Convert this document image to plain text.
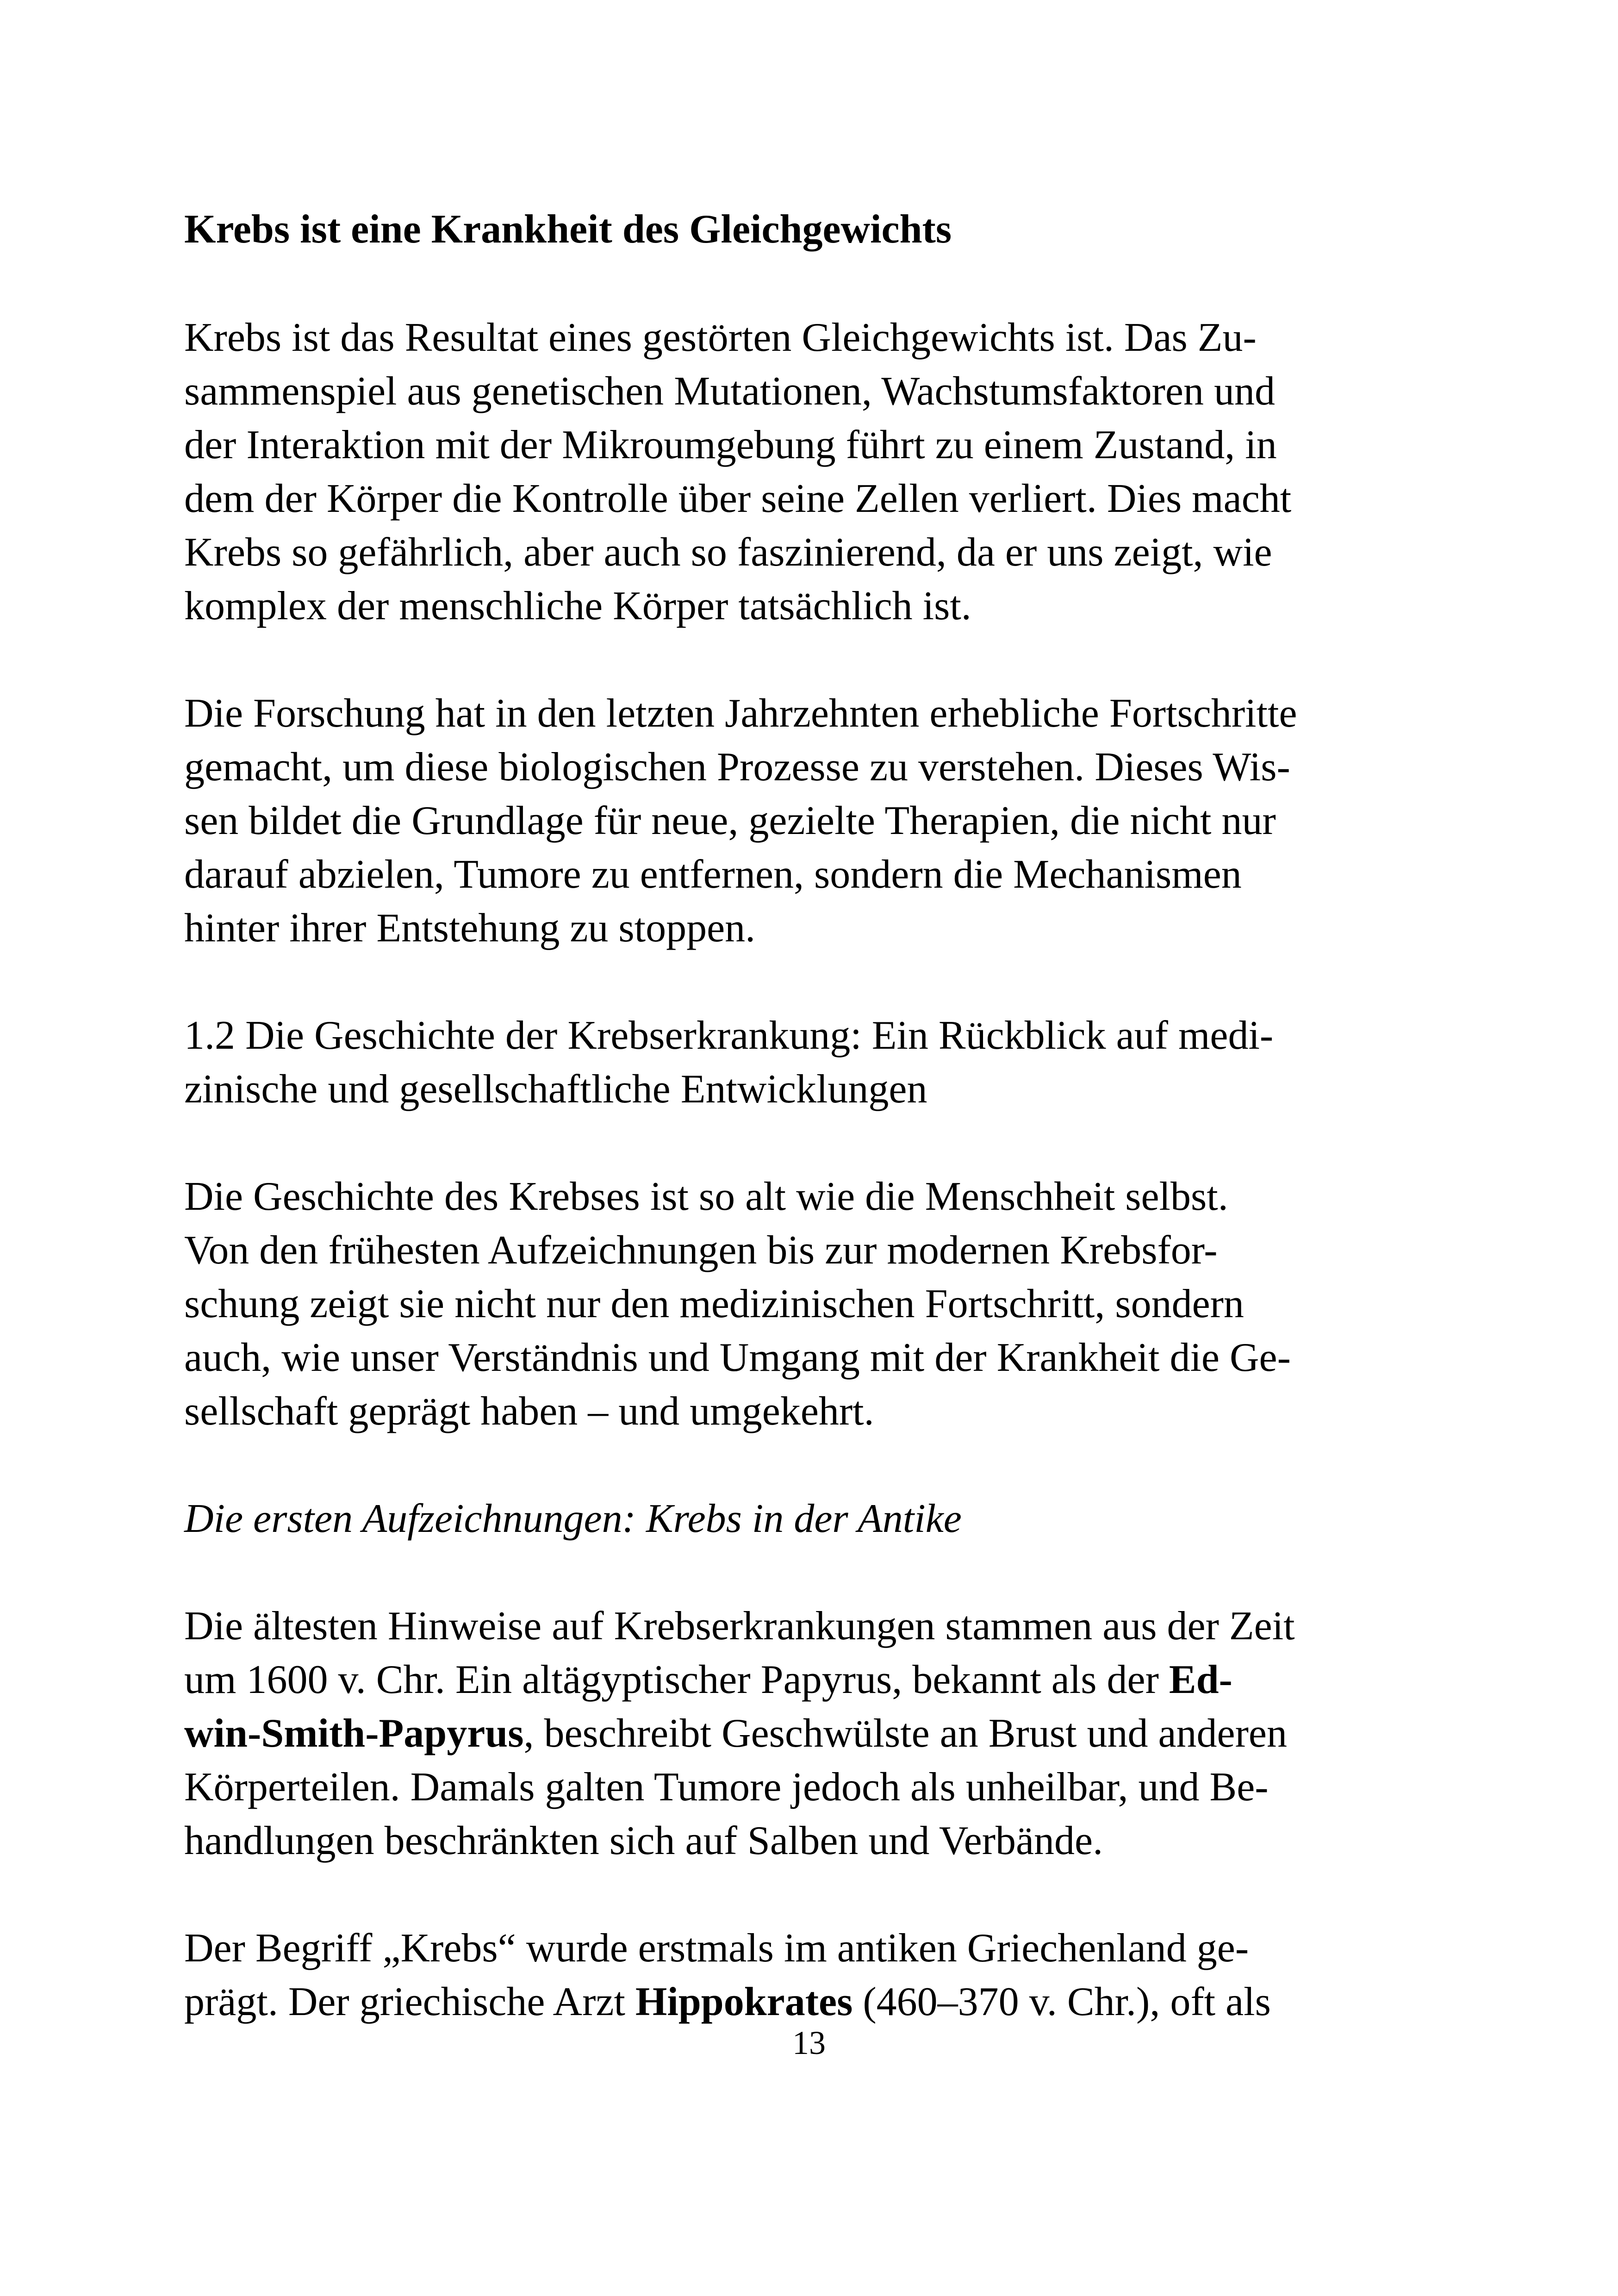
Krebs ist eine Krankheit des Gleichgewichts
Krebs ist das Resultat eines gestörten Gleichgewichts ist. Das Zu-
sammenspiel aus genetischen Mutationen, Wachstumsfaktoren und
der Interaktion mit der Mikroumgebung führt zu einem Zustand, in
dem der Körper die Kontrolle über seine Zellen verliert. Dies macht
Krebs so gefährlich, aber auch so faszinierend, da er uns zeigt, wie
komplex der menschliche Körper tatsächlich ist.
Die Forschung hat in den letzten Jahrzehnten erhebliche Fortschritte
gemacht, um diese biologischen Prozesse zu verstehen. Dieses Wis-
sen bildet die Grundlage für neue, gezielte Therapien, die nicht nur
darauf abzielen, Tumore zu entfernen, sondern die Mechanismen
hinter ihrer Entstehung zu stoppen.
1.2 Die Geschichte der Krebserkrankung: Ein Rückblick auf medi-
zinische und gesellschaftliche Entwicklungen
Die Geschichte des Krebses ist so alt wie die Menschheit selbst.
Von den frühesten Aufzeichnungen bis zur modernen Krebsfor-
schung zeigt sie nicht nur den medizinischen Fortschritt, sondern
auch, wie unser Verständnis und Umgang mit der Krankheit die Ge-
sellschaft geprägt haben – und umgekehrt.
Die ersten Aufzeichnungen: Krebs in der Antike
Die ältesten Hinweise auf Krebserkrankungen stammen aus der Zeit
um 1600 v. Chr. Ein altägyptischer Papyrus, bekannt als der Ed-
win-Smith-Papyrus, beschreibt Geschwülste an Brust und anderen
Körperteilen. Damals galten Tumore jedoch als unheilbar, und Be-
handlungen beschränkten sich auf Salben und Verbände.
Der Begriff „Krebs“ wurde erstmals im antiken Griechenland ge-
prägt. Der griechische Arzt Hippokrates (460–370 v. Chr.), oft als
13
